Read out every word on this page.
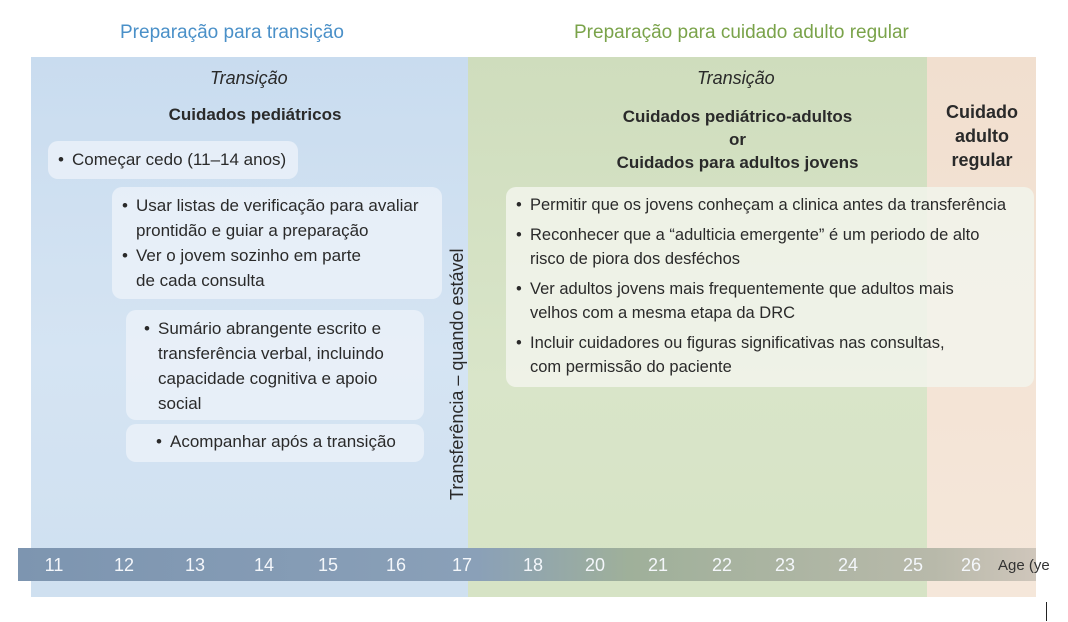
Preparação para transição	Preparação para cuidado adulto regular
Transição
Cuidados pediátricos
• Começar cedo (11–14 anos)
• Usar listas de verificação para avaliar prontidão e guiar a preparação
• Ver o jovem sozinho em parte de cada consulta
• Sumário abrangente escrito e transferência verbal, incluindo capacidade cognitiva e apoio social
• Acompanhar após a transição	Transferência – quando estável
Transição
Cuidados pediátrico-adultos
or
Cuidados para adultos jovens
• Permitir que os jovens conheçam a clinica antes da transferência
• Reconhecer que a “adulticia emergente” é um periodo de alto risco de piora dos desféchos
• Ver adultos jovens mais frequentemente que adultos mais velhos com a mesma etapa da DRC
• Incluir cuidadores ou figuras significativas nas consultas, com permissão do paciente
Cuidado
adulto
regular
11	12	13	14	15	16	17	18	20	21	22	23	24	25	26	Age (ye
